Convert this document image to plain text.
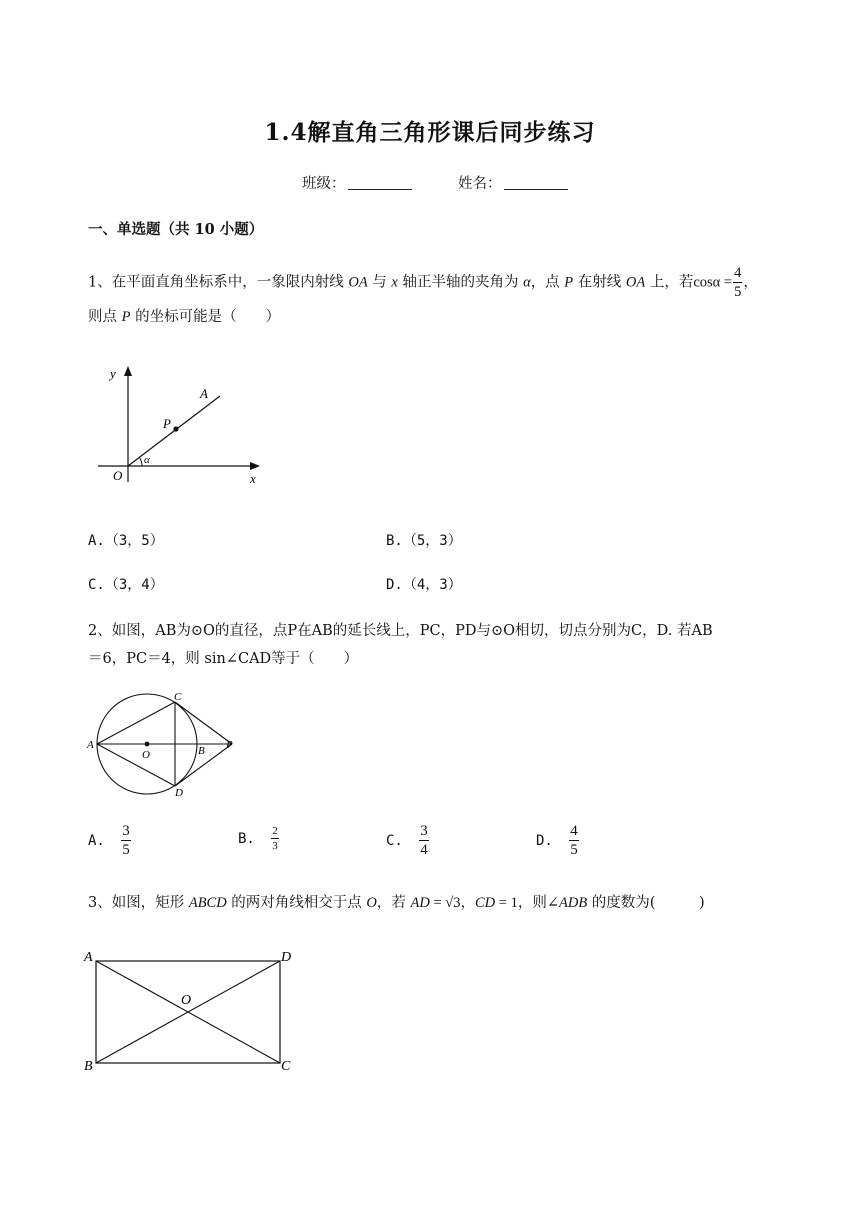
1.4解直角三角形课后同步练习
班级：	姓名：
一、单选题（共 10 小题）
1、在平面直角坐标系中，一象限内射线 OA 与 x 轴正半轴的夹角为 α，点 P 在射线 OA 上，若$\cos\alpha = \frac{4}{5}$ ，
则点 P 的坐标可能是（　　）
y
x
O
A
P
α
A.（3，5）	B.（5，3）
C.（3，4）	D.（4，3）
2、如图，AB为⊙O的直径，点P在AB的延长线上，PC，PD与⊙O相切，切点分别为C，D. 若AB
＝6，PC＝4，则 sin∠CAD等于（　　）
A	B
C
D
O
P
A. $\frac{3}{5}$	B. $\frac{2}{3}$	C. $\frac{3}{4}$	D. $\frac{4}{5}$
3、如图，矩形 ABCD 的两对角线相交于点 O，若 AD = √3，CD = 1，则∠ADB 的度数为(　　　)
A
B	C
D
O
